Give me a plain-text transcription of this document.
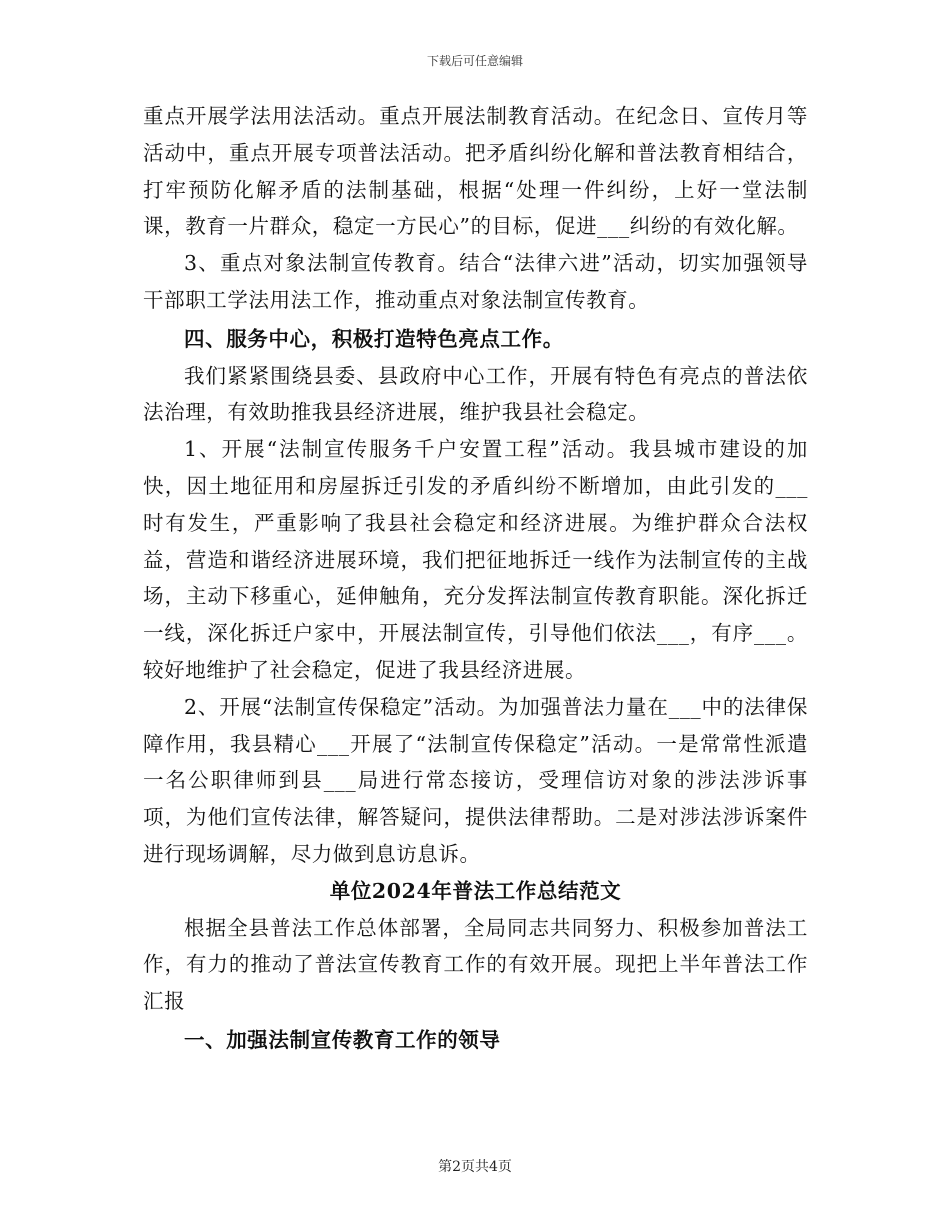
下载后可任意编辑

重点开展学法用法活动。重点开展法制教育活动。在纪念日、宣传月等活动中，重点开展专项普法活动。把矛盾纠纷化解和普法教育相结合，打牢预防化解矛盾的法制基础，根据“处理一件纠纷，上好一堂法制课，教育一片群众，稳定一方民心”的目标，促进___纠纷的有效化解。

3、重点对象法制宣传教育。结合“法律六进”活动，切实加强领导干部职工学法用法工作，推动重点对象法制宣传教育。

四、服务中心，积极打造特色亮点工作。

我们紧紧围绕县委、县政府中心工作，开展有特色有亮点的普法依法治理，有效助推我县经济进展，维护我县社会稳定。

1、开展“法制宣传服务千户安置工程”活动。我县城市建设的加快，因土地征用和房屋拆迁引发的矛盾纠纷不断增加，由此引发的___时有发生，严重影响了我县社会稳定和经济进展。为维护群众合法权益，营造和谐经济进展环境，我们把征地拆迁一线作为法制宣传的主战场，主动下移重心，延伸触角，充分发挥法制宣传教育职能。深化拆迁一线，深化拆迁户家中，开展法制宣传，引导他们依法___，有序___。较好地维护了社会稳定，促进了我县经济进展。

2、开展“法制宣传保稳定”活动。为加强普法力量在___中的法律保障作用，我县精心___开展了“法制宣传保稳定”活动。一是常常性派遣一名公职律师到县___局进行常态接访，受理信访对象的涉法涉诉事项，为他们宣传法律，解答疑问，提供法律帮助。二是对涉法涉诉案件进行现场调解，尽力做到息访息诉。

单位2024年普法工作总结范文

根据全县普法工作总体部署，全局同志共同努力、积极参加普法工作，有力的推动了普法宣传教育工作的有效开展。现把上半年普法工作汇报

一、加强法制宣传教育工作的领导

第2页共4页
